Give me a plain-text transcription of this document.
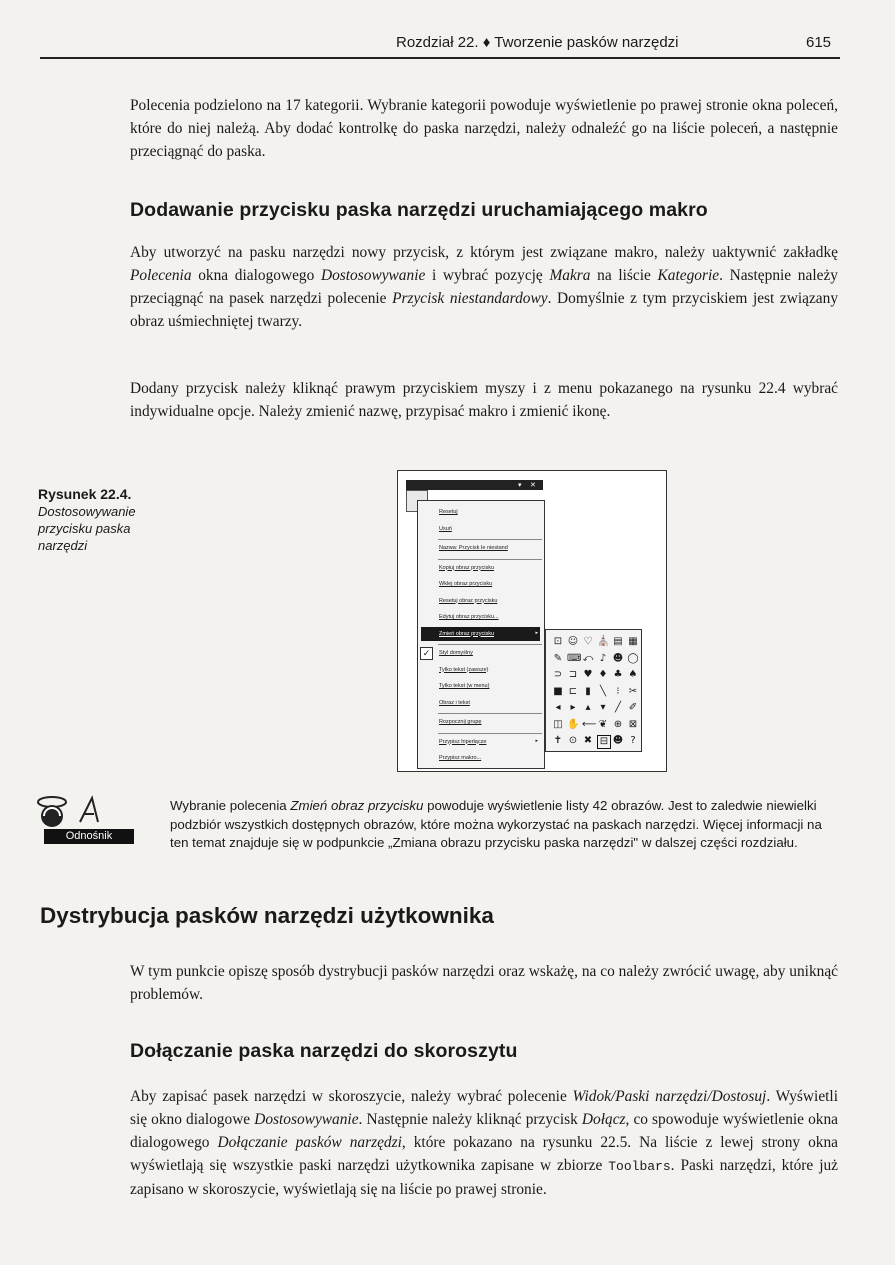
Rozdział 22. ♦ Tworzenie pasków narzędzi	615
Polecenia podzielono na 17 kategorii. Wybranie kategorii powoduje wyświetlenie po prawej stronie okna poleceń, które do niej należą. Aby dodać kontrolkę do paska narzędzi, należy odnaleźć go na liście poleceń, a następnie przeciągnąć do paska.
Dodawanie przycisku paska narzędzi uruchamiającego makro
Aby utworzyć na pasku narzędzi nowy przycisk, z którym jest związane makro, należy uaktywnić zakładkę Polecenia okna dialogowego Dostosowywanie i wybrać pozycję Makra na liście Kategorie. Następnie należy przeciągnąć na pasek narzędzi polecenie Przycisk niestandardowy. Domyślnie z tym przyciskiem jest związany obraz uśmiechniętej twarzy.
Dodany przycisk należy kliknąć prawym przyciskiem myszy i z menu pokazanego na rysunku 22.4 wybrać indywidualne opcje. Należy zmienić nazwę, przypisać makro i zmienić ikonę.
Rysunek 22.4.
Dostosowywanie
przycisku paska
narzędzi
▾ ✕
Resetuj
Usuń
Nazwa: Przycisk Ie niestand
Kopiuj obraz przycisku
Wklej obraz przycisku
Resetuj obraz przycisku
Edytuj obraz przycisku...
Zmień obraz przycisku	▸
✓	Styl domyślny
Tylko tekst (zawsze)
Tylko tekst (w menu)
Obraz i tekst
Rozpocznij grupę
Przypisz hiperłącze	▸
Przypisz makro...
⊡ ☺ ♡ ⛪ ▤ ▦
✎ ⌨ ⤺ ♪ ☻ ◯
⊃ ⊐ ♥ ♦ ♣ ♠
■ ⊏ ▮ ╲	⁝ ✂
◂ ▸ ▴ ▾ ╱ ✐
◫ ✋ ⟵ ❦ ⊕ ⊠
✝ ⊙ ✖ ⊟ ☻ ?
Odnośnik
Wybranie polecenia Zmień obraz przycisku powoduje wyświetlenie listy 42 obrazów. Jest to zaledwie niewielki podzbiór wszystkich dostępnych obrazów, które można wykorzystać na paskach narzędzi. Więcej informacji na ten temat znajduje się w podpunkcie „Zmiana obrazu przycisku paska narzędzi" w dalszej części rozdziału.
Dystrybucja pasków narzędzi użytkownika
W tym punkcie opiszę sposób dystrybucji pasków narzędzi oraz wskażę, na co należy zwrócić uwagę, aby uniknąć problemów.
Dołączanie paska narzędzi do skoroszytu
Aby zapisać pasek narzędzi w skoroszycie, należy wybrać polecenie Widok/Paski narzędzi/Dostosuj. Wyświetli się okno dialogowe Dostosowywanie. Następnie należy kliknąć przycisk Dołącz, co spowoduje wyświetlenie okna dialogowego Dołączanie pasków narzędzi, które pokazano na rysunku 22.5. Na liście z lewej strony okna wyświetlają się wszystkie paski narzędzi użytkownika zapisane w zbiorze Toolbars. Paski narzędzi, które już zapisano w skoroszycie, wyświetlają się na liście po prawej stronie.
